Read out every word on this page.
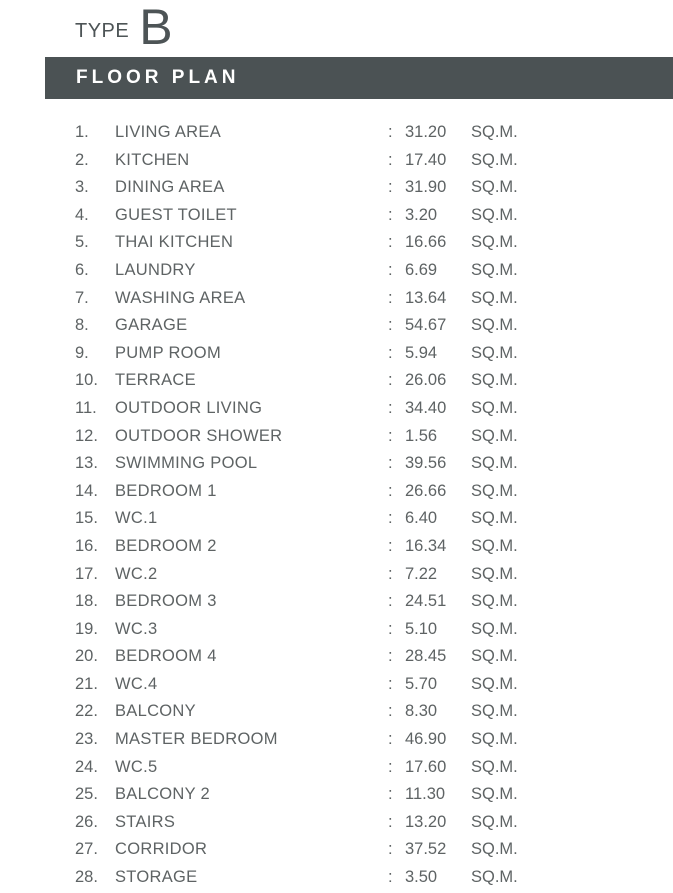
TYPE B
FLOOR PLAN
1. LIVING AREA	: 31.20 SQ.M.
2. KITCHEN	: 17.40 SQ.M.
3. DINING AREA	: 31.90 SQ.M.
4. GUEST TOILET	: 3.20 SQ.M.
5. THAI KITCHEN	: 16.66 SQ.M.
6. LAUNDRY	: 6.69 SQ.M.
7. WASHING AREA	: 13.64 SQ.M.
8. GARAGE	: 54.67 SQ.M.
9. PUMP ROOM	: 5.94 SQ.M.
10. TERRACE	: 26.06 SQ.M.
11. OUTDOOR LIVING	: 34.40 SQ.M.
12. OUTDOOR SHOWER	: 1.56 SQ.M.
13. SWIMMING POOL	: 39.56 SQ.M.
14. BEDROOM 1	: 26.66 SQ.M.
15. WC.1	: 6.40 SQ.M.
16. BEDROOM 2	: 16.34 SQ.M.
17. WC.2	: 7.22 SQ.M.
18. BEDROOM 3	: 24.51 SQ.M.
19. WC.3	: 5.10 SQ.M.
20. BEDROOM 4	: 28.45 SQ.M.
21. WC.4	: 5.70 SQ.M.
22. BALCONY	: 8.30 SQ.M.
23. MASTER BEDROOM	: 46.90 SQ.M.
24. WC.5	: 17.60 SQ.M.
25. BALCONY 2	: 11.30 SQ.M.
26. STAIRS	: 13.20 SQ.M.
27. CORRIDOR	: 37.52 SQ.M.
28. STORAGE	: 3.50 SQ.M.
